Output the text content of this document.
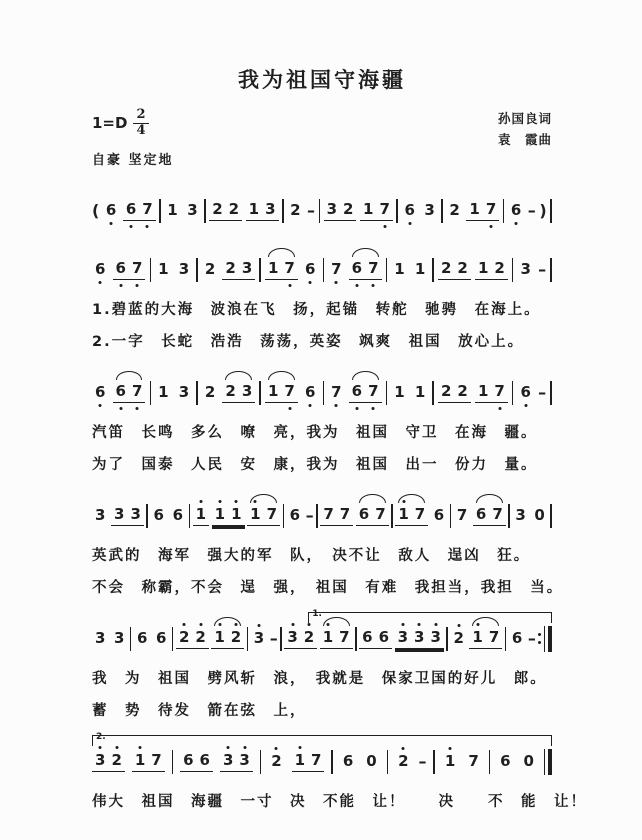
我为祖国守海疆
$1=D \frac{2}{4}$
自豪 坚定地
孙国良词
袁　霞曲
( 6 6 7 1 3 2 2 1 3 2 – 3 2 1 7 6 3 2 1 7 6 – )
6 6 7 1 3 2 2 3 1 7 6 7 6 7 1 1 2 2 1 2 3 –
1.碧蓝的大海　波浪在飞　扬，起锚　转舵　驰骋　在海上。
2.一字　长蛇　浩浩　荡荡，英姿　飒爽　祖国　放心上。
6 6 7 1 3 2 2 3 1 7 6 7 6 7 1 1 2 2 1 7 6 –
汽笛　长鸣　多么　嘹　亮，我为　祖国　守卫　在海　疆。
为了　国泰　人民　安　康，我为　祖国　出一　份力　量。
3 3 3 6 6 1 1 1 1 7 6 – 7 7 6 7 1 7 6 7 6 7 3 0
英武的　海军　强大的军　队，　决不让　敌人　逞凶　狂。
不会　称霸，不会　逞　强，　祖国　有难　我担当，我担　当。
1.
3 3 6 6 2 2 1 2 3 – 3 2 1 7 6 6 3 3 3 2 1 7 6 –
我　为　祖国　劈风斩　浪，　我就是　保家卫国的好儿　郎。
蓄　势　待发　箭在弦　上，
2.
3 2 1 7 6 6 3 3 2 1 7 6 0 2 – 1 7 6 0
伟大　祖国　海疆　一寸　决　不能　让！　　决　　不　能　让！
